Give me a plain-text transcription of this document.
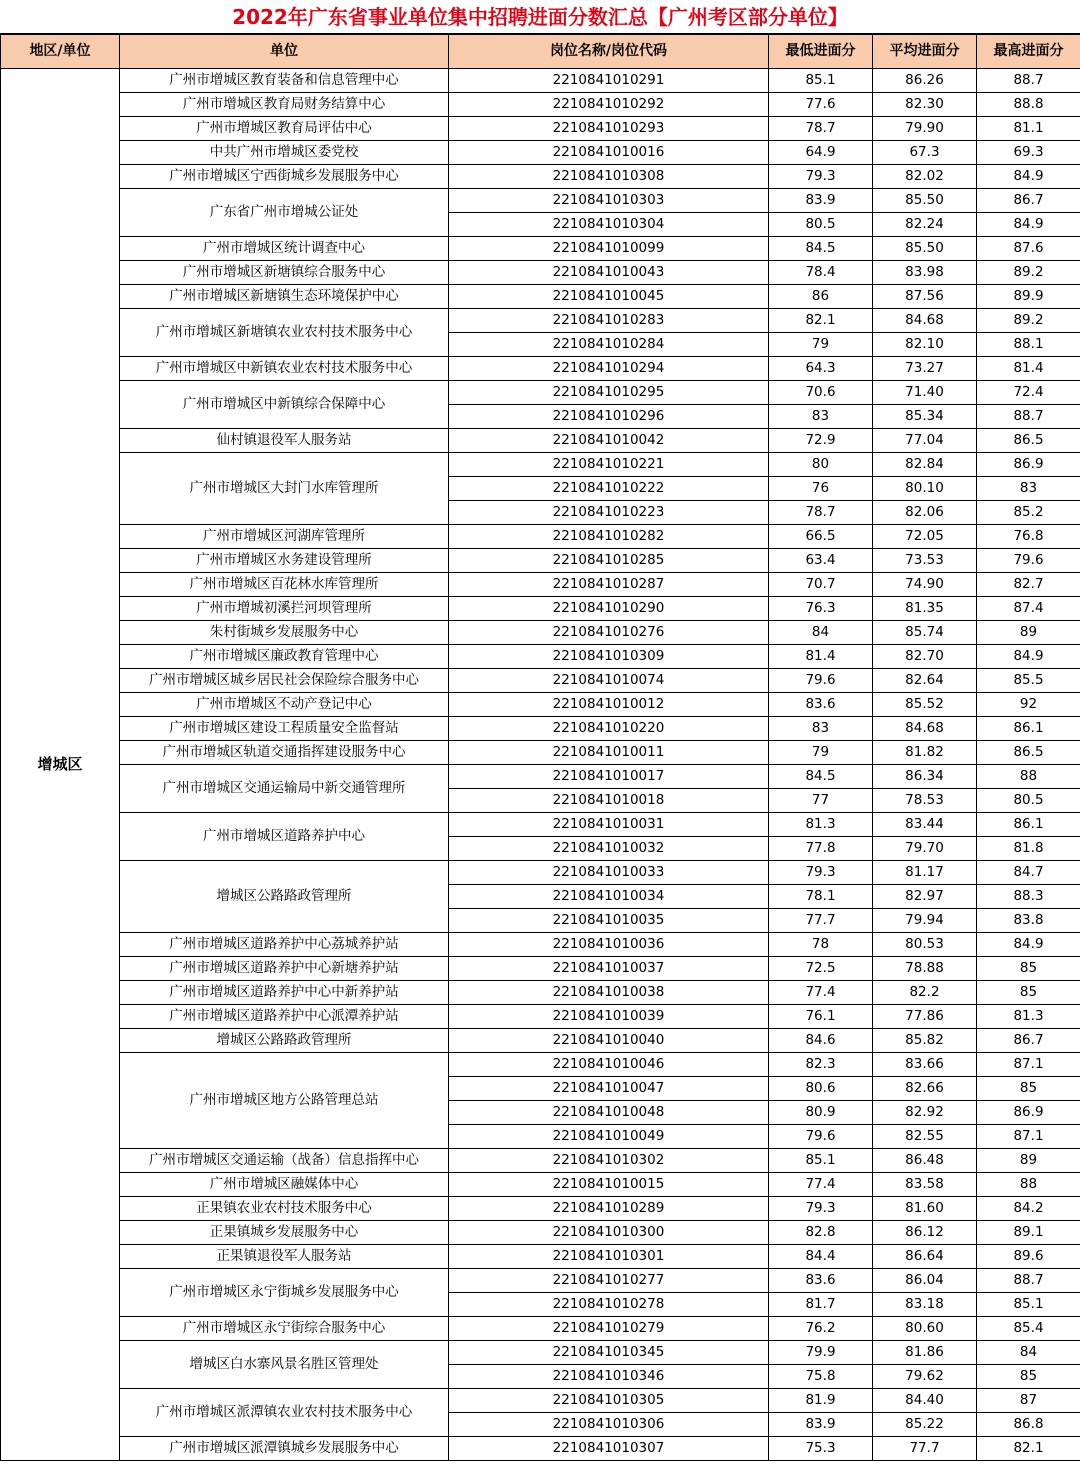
2022年广东省事业单位集中招聘进面分数汇总【广州考区部分单位】
地区/单位	单位	岗位名称/岗位代码	最低进面分	平均进面分	最高进面分
增城区	广州市增城区教育装备和信息管理中心	2210841010291	85.1	86.26	88.7
	广州市增城区教育局财务结算中心	2210841010292	77.6	82.30	88.8
	广州市增城区教育局评估中心	2210841010293	78.7	79.90	81.1
	中共广州市增城区委党校	2210841010016	64.9	67.3	69.3
	广州市增城区宁西街城乡发展服务中心	2210841010308	79.3	82.02	84.9
	广东省广州市增城公证处	2210841010303	83.9	85.50	86.7
		2210841010304	80.5	82.24	84.9
	广州市增城区统计调查中心	2210841010099	84.5	85.50	87.6
	广州市增城区新塘镇综合服务中心	2210841010043	78.4	83.98	89.2
	广州市增城区新塘镇生态环境保护中心	2210841010045	86	87.56	89.9
	广州市增城区新塘镇农业农村技术服务中心	2210841010283	82.1	84.68	89.2
		2210841010284	79	82.10	88.1
	广州市增城区中新镇农业农村技术服务中心	2210841010294	64.3	73.27	81.4
	广州市增城区中新镇综合保障中心	2210841010295	70.6	71.40	72.4
		2210841010296	83	85.34	88.7
	仙村镇退役军人服务站	2210841010042	72.9	77.04	86.5
	广州市增城区大封门水库管理所	2210841010221	80	82.84	86.9
		2210841010222	76	80.10	83
		2210841010223	78.7	82.06	85.2
	广州市增城区河湖库管理所	2210841010282	66.5	72.05	76.8
	广州市增城区水务建设管理所	2210841010285	63.4	73.53	79.6
	广州市增城区百花林水库管理所	2210841010287	70.7	74.90	82.7
	广州市增城初溪拦河坝管理所	2210841010290	76.3	81.35	87.4
	朱村街城乡发展服务中心	2210841010276	84	85.74	89
	广州市增城区廉政教育管理中心	2210841010309	81.4	82.70	84.9
	广州市增城区城乡居民社会保险综合服务中心	2210841010074	79.6	82.64	85.5
	广州市增城区不动产登记中心	2210841010012	83.6	85.52	92
	广州市增城区建设工程质量安全监督站	2210841010220	83	84.68	86.1
	广州市增城区轨道交通指挥建设服务中心	2210841010011	79	81.82	86.5
	广州市增城区交通运输局中新交通管理所	2210841010017	84.5	86.34	88
		2210841010018	77	78.53	80.5
	广州市增城区道路养护中心	2210841010031	81.3	83.44	86.1
		2210841010032	77.8	79.70	81.8
	增城区公路路政管理所	2210841010033	79.3	81.17	84.7
		2210841010034	78.1	82.97	88.3
		2210841010035	77.7	79.94	83.8
	广州市增城区道路养护中心荔城养护站	2210841010036	78	80.53	84.9
	广州市增城区道路养护中心新塘养护站	2210841010037	72.5	78.88	85
	广州市增城区道路养护中心中新养护站	2210841010038	77.4	82.2	85
	广州市增城区道路养护中心派潭养护站	2210841010039	76.1	77.86	81.3
	增城区公路路政管理所	2210841010040	84.6	85.82	86.7
	广州市增城区地方公路管理总站	2210841010046	82.3	83.66	87.1
		2210841010047	80.6	82.66	85
		2210841010048	80.9	82.92	86.9
		2210841010049	79.6	82.55	87.1
	广州市增城区交通运输（战备）信息指挥中心	2210841010302	85.1	86.48	89
	广州市增城区融媒体中心	2210841010015	77.4	83.58	88
	正果镇农业农村技术服务中心	2210841010289	79.3	81.60	84.2
	正果镇城乡发展服务中心	2210841010300	82.8	86.12	89.1
	正果镇退役军人服务站	2210841010301	84.4	86.64	89.6
	广州市增城区永宁街城乡发展服务中心	2210841010277	83.6	86.04	88.7
		2210841010278	81.7	83.18	85.1
	广州市增城区永宁街综合服务中心	2210841010279	76.2	80.60	85.4
	增城区白水寨风景名胜区管理处	2210841010345	79.9	81.86	84
		2210841010346	75.8	79.62	85
	广州市增城区派潭镇农业农村技术服务中心	2210841010305	81.9	84.40	87
		2210841010306	83.9	85.22	86.8
	广州市增城区派潭镇城乡发展服务中心	2210841010307	75.3	77.7	82.1
